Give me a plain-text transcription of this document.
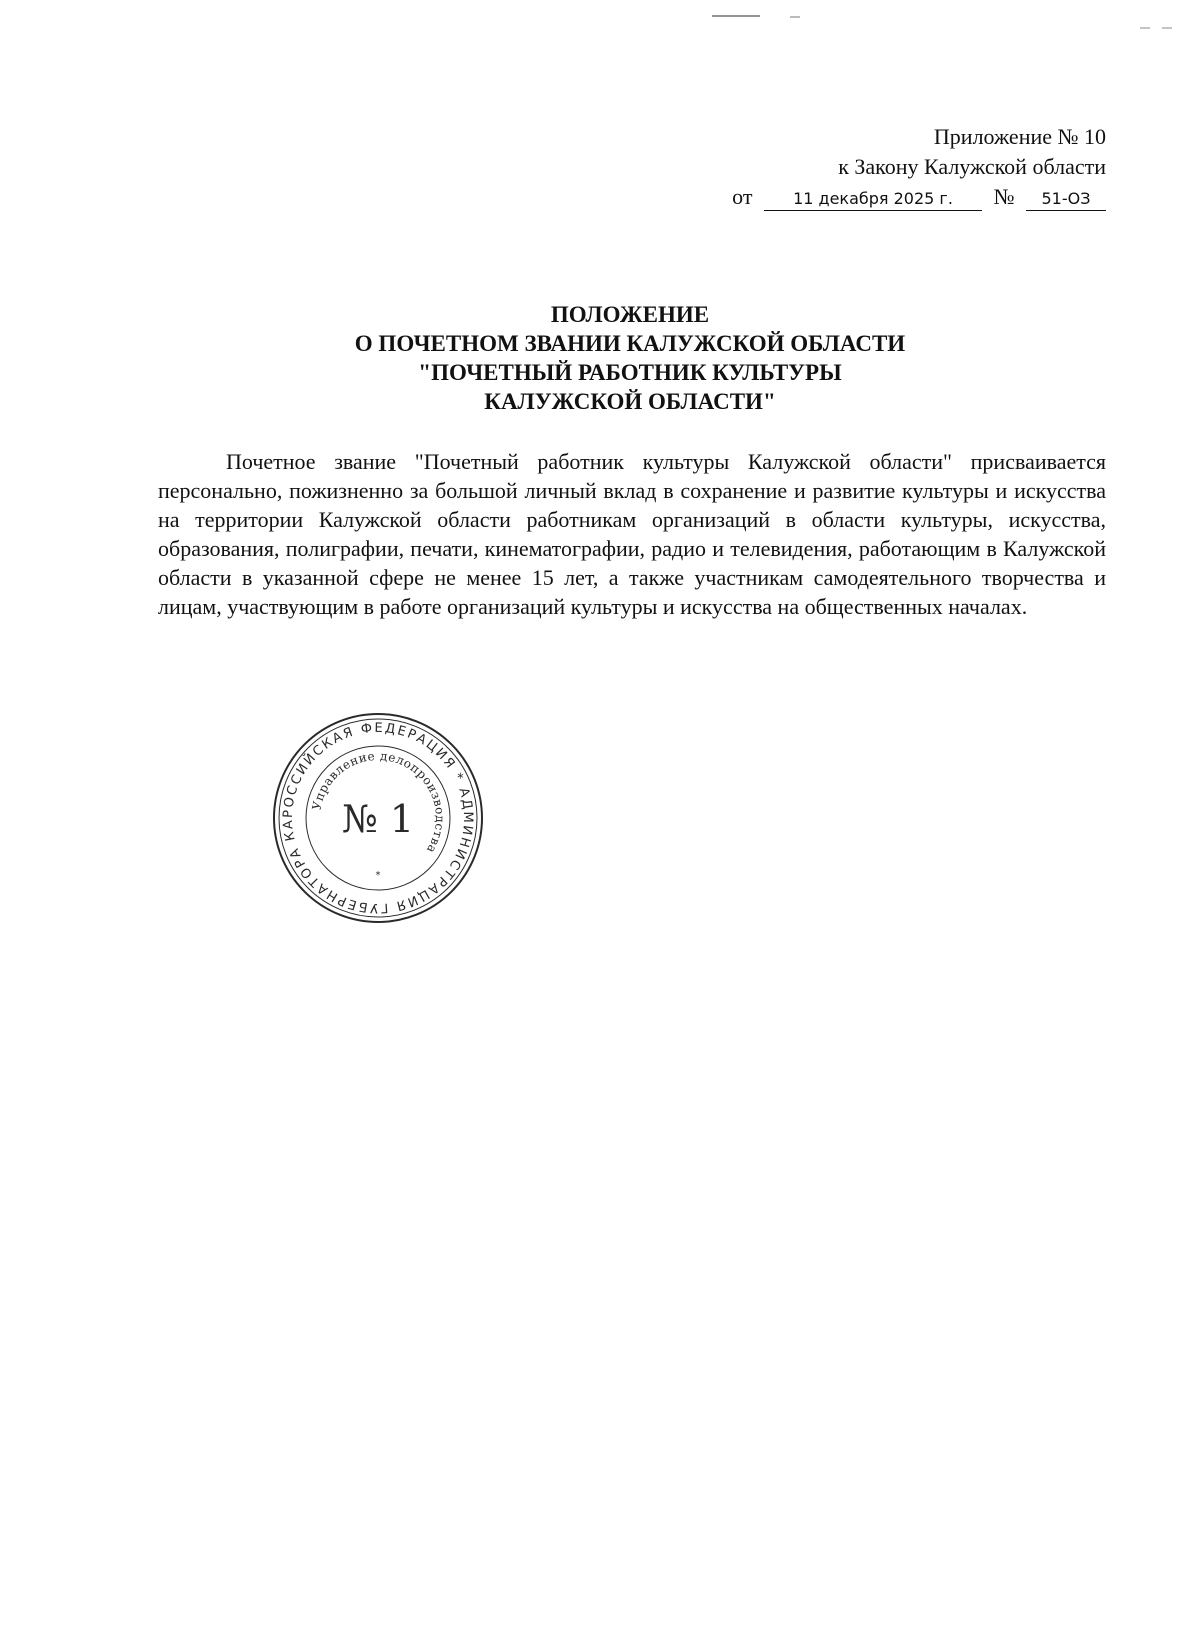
Приложение № 10
к Закону Калужской области
от	11 декабря 2025 г. № 51-ОЗ
ПОЛОЖЕНИЕ
О ПОЧЕТНОМ ЗВАНИИ КАЛУЖСКОЙ ОБЛАСТИ
"ПОЧЕТНЫЙ РАБОТНИК КУЛЬТУРЫ
КАЛУЖСКОЙ ОБЛАСТИ"

Почетное звание "Почетный работник культуры Калужской области" присваивается персонально, пожизненно за большой личный вклад в сохранение и развитие культуры и искусства на территории Калужской области работникам организаций в области культуры, искусства, образования, полиграфии, печати, кинематографии, радио и телевидения, работающим в Калужской области в указанной сфере не менее 15 лет, а также участникам самодеятельного творчества и лицам, участвующим в работе организаций культуры и искусства на общественных началах.

РОССИЙСКАЯ ФЕДЕРАЦИЯ * АДМИНИСТРАЦИЯ ГУБЕРНАТОРА КА
Управление делопроизводства
№ 1
*
